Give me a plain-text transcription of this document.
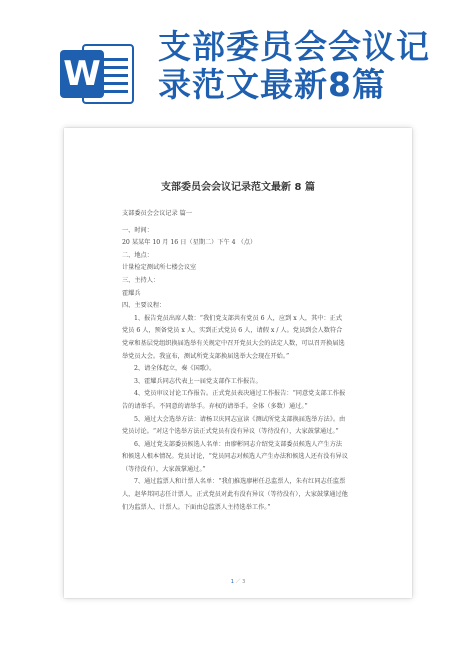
W
支部委员会会议记录范文最新8篇
支部委员会会议记录范文最新 8 篇

支部委员会会议记录 篇一

一、时间：

20 某某年 10 月 16 日（星期二）下午 4 （点）

二、地点：

计量检定测试所七楼会议室

三、主持人：

霍耀兵

四、主要议程：

1、报告党员出席人数：“我们党支部共有党员 6 人，应到 x 人，其中：正式党员 6 人，预备党员 x 人，实到正式党员 6 人，请假 x / 人。党员到会人数符合党章和基层党组织换届选举有关规定中召开党员大会的法定人数，可以召开换届选举党员大会。我宣布，测试所党支部换届选举大会现在开始。”

2、请全体起立，奏《国歌》。

3、霍耀兵同志代表上一届党支部作工作报告。

4、党员审议讨论工作报告。正式党员表决通过工作报告：“同意党支部工作报告的请举手。不同意的请举手。弃权的请举手。全体（多数）通过。”

5、通过大会选举方法：请杨卫庆同志宣读《测试所党支部换届选举方法》。由党员讨论。“对这个选举方法正式党员有没有异议（等待没有），大家鼓掌通过。”

6、通过党支部委员候选人名单：由廖彬同志介绍党支部委员候选人产生方法和候选人根本情况。党员讨论，“党员同志对候选人产生办法和候选人还有没有异议（等待没有），大家鼓掌通过。”

7、通过监票人和计票人名单：“我们推选廖彬任总监票人，朱有红同志任监票人，赵华邦同志任计票人，正式党员对此有没有异议（等待没有），大家鼓掌通过他们为监票人、计票人。下面由总监票人主持选举工作。”

1 ／ 3
